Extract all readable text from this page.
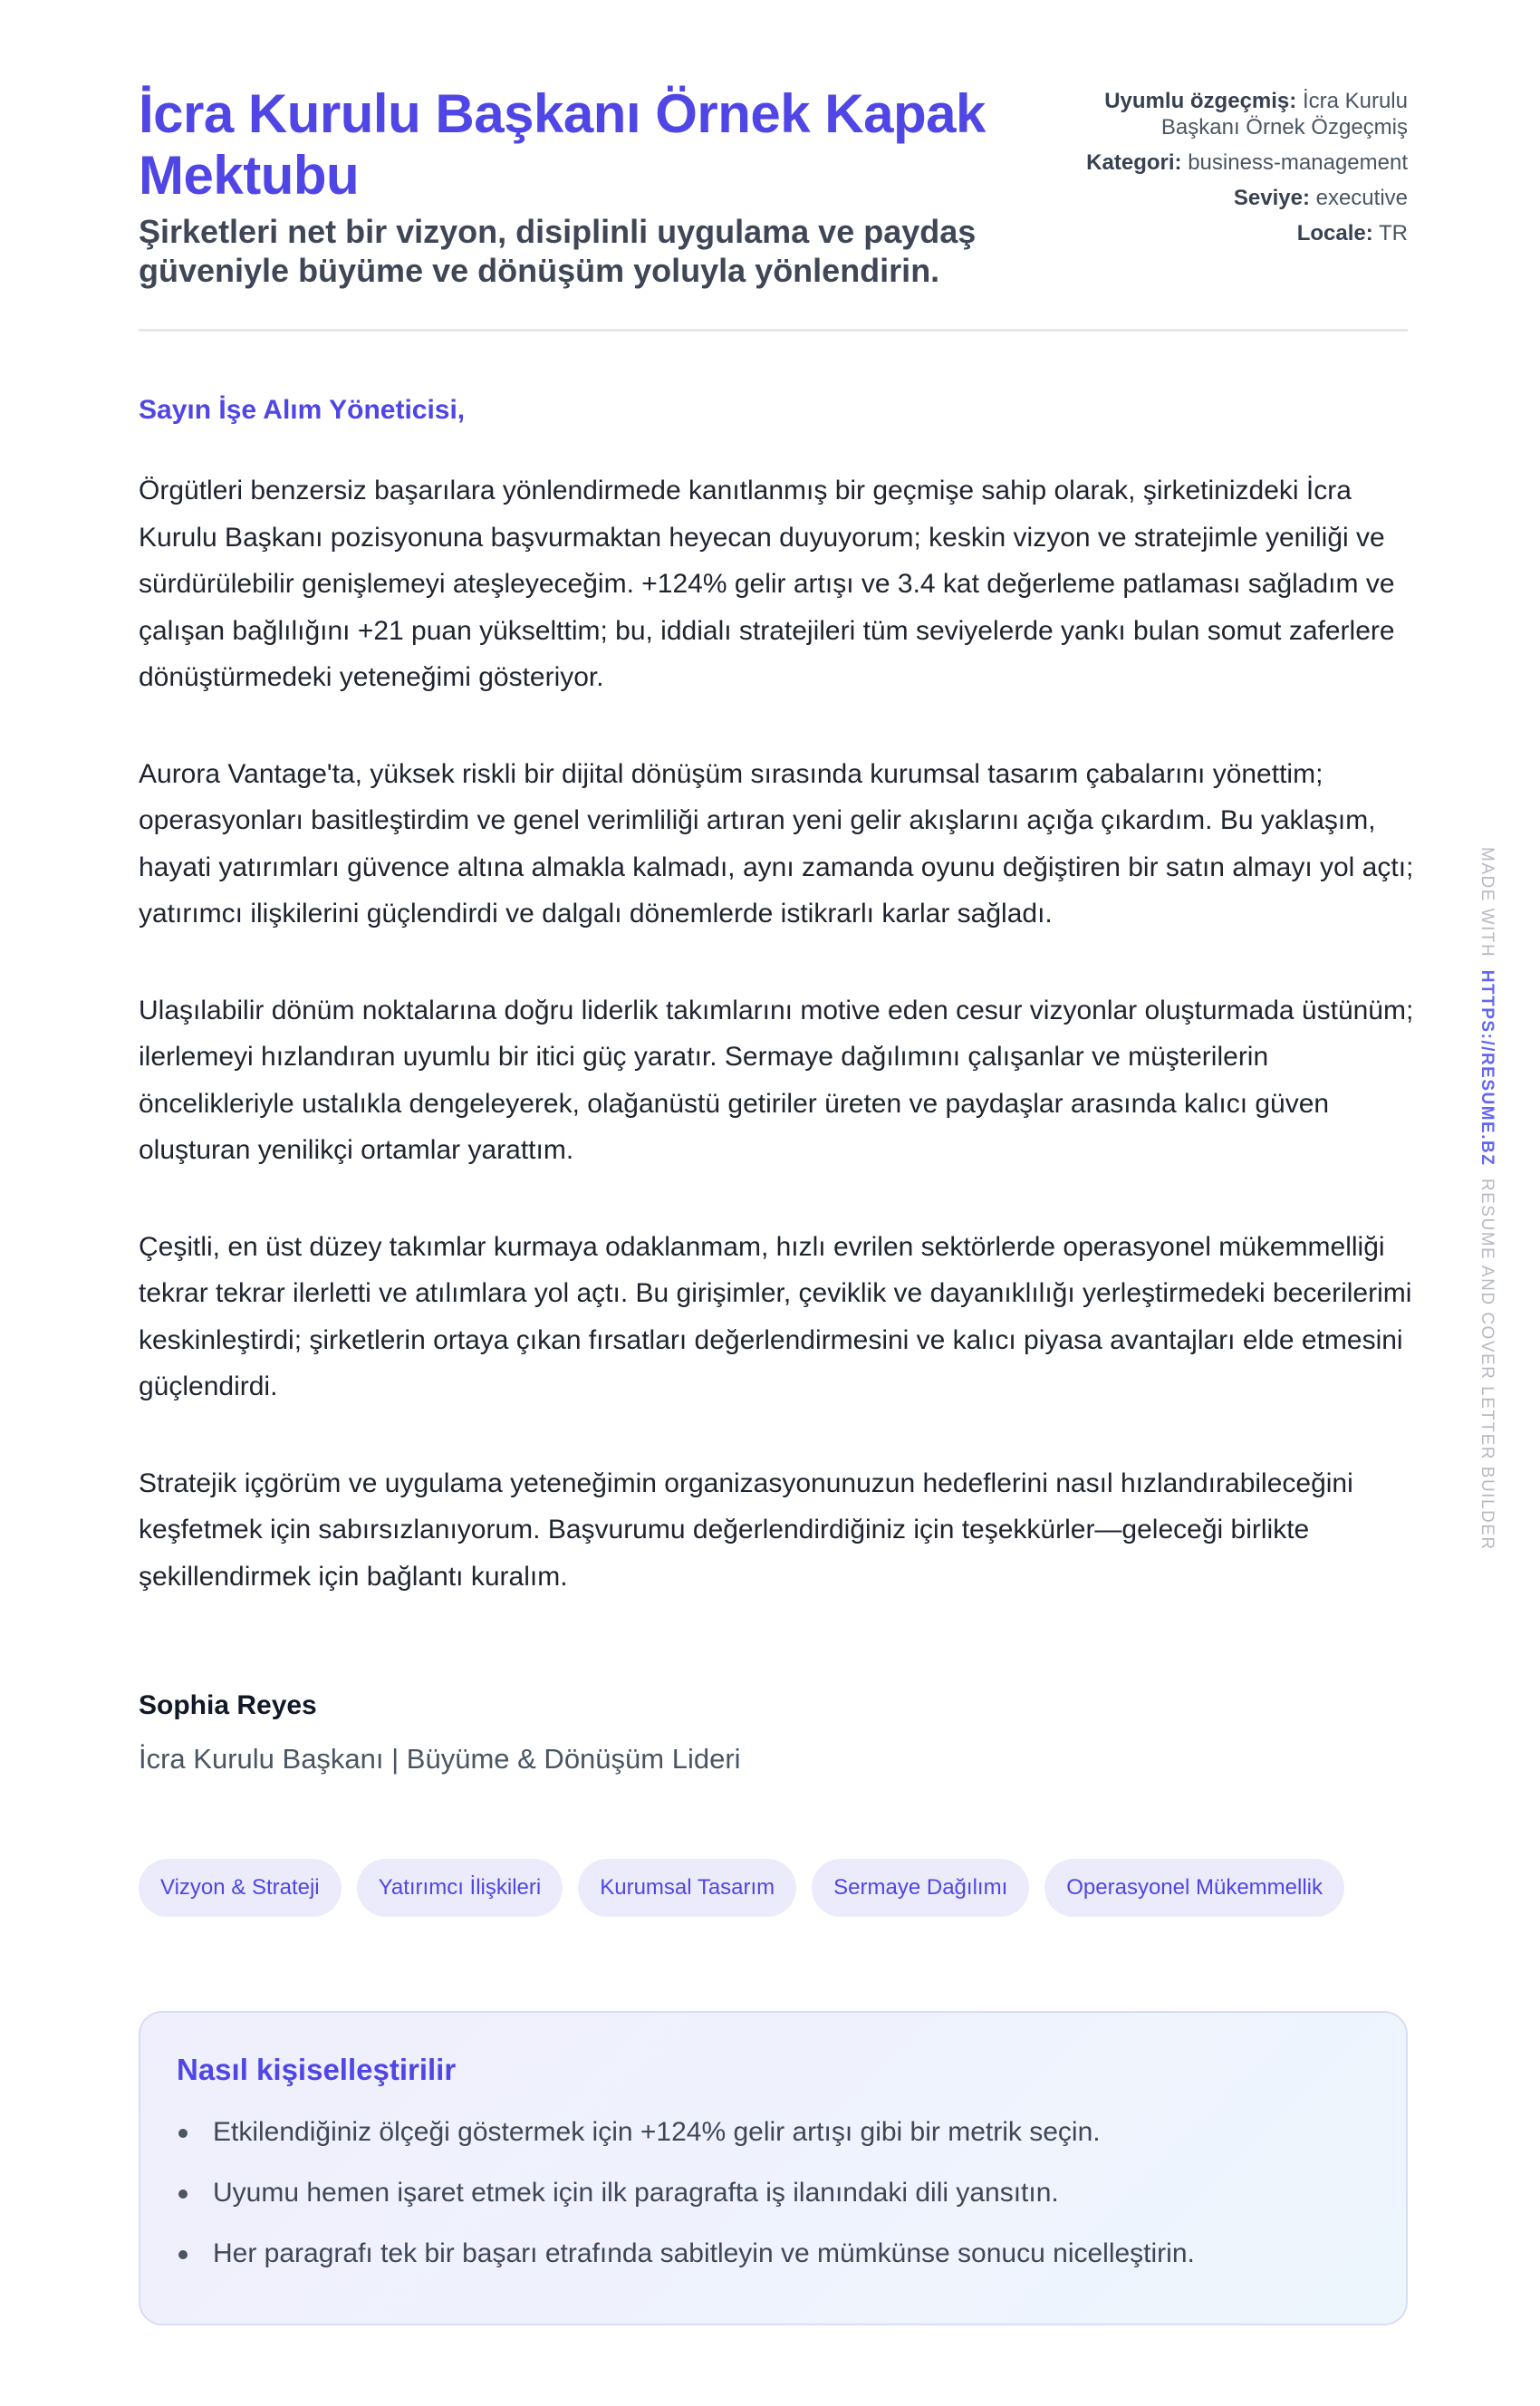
İcra Kurulu Başkanı Örnek Kapak Mektubu
Şirketleri net bir vizyon, disiplinli uygulama ve paydaş güveniyle büyüme ve dönüşüm yoluyla yönlendirin.
Uyumlu özgeçmiş: İcra Kurulu Başkanı Örnek Özgeçmiş
Kategori: business-management
Seviye: executive
Locale: TR
Sayın İşe Alım Yöneticisi,

Örgütleri benzersiz başarılara yönlendirmede kanıtlanmış bir geçmişe sahip olarak, şirketinizdeki İcra Kurulu Başkanı pozisyonuna başvurmaktan heyecan duyuyorum; keskin vizyon ve stratejimle yeniliği ve sürdürülebilir genişlemeyi ateşleyeceğim. +124% gelir artışı ve 3.4 kat değerleme patlaması sağladım ve çalışan bağlılığını +21 puan yükselttim; bu, iddialı stratejileri tüm seviyelerde yankı bulan somut zaferlere dönüştürmedeki yeteneğimi gösteriyor.

Aurora Vantage'ta, yüksek riskli bir dijital dönüşüm sırasında kurumsal tasarım çabalarını yönettim; operasyonları basitleştirdim ve genel verimliliği artıran yeni gelir akışlarını açığa çıkardım. Bu yaklaşım, hayati yatırımları güvence altına almakla kalmadı, aynı zamanda oyunu değiştiren bir satın almayı yol açtı; yatırımcı ilişkilerini güçlendirdi ve dalgalı dönemlerde istikrarlı karlar sağladı.

Ulaşılabilir dönüm noktalarına doğru liderlik takımlarını motive eden cesur vizyonlar oluşturmada üstünüm; ilerlemeyi hızlandıran uyumlu bir itici güç yaratır. Sermaye dağılımını çalışanlar ve müşterilerin öncelikleriyle ustalıkla dengeleyerek, olağanüstü getiriler üreten ve paydaşlar arasında kalıcı güven oluşturan yenilikçi ortamlar yarattım.

Çeşitli, en üst düzey takımlar kurmaya odaklanmam, hızlı evrilen sektörlerde operasyonel mükemmelliği tekrar tekrar ilerletti ve atılımlara yol açtı. Bu girişimler, çeviklik ve dayanıklılığı yerleştirmedeki becerilerimi keskinleştirdi; şirketlerin ortaya çıkan fırsatları değerlendirmesini ve kalıcı piyasa avantajları elde etmesini güçlendirdi.

Stratejik içgörüm ve uygulama yeteneğimin organizasyonunuzun hedeflerini nasıl hızlandırabileceğini keşfetmek için sabırsızlanıyorum. Başvurumu değerlendirdiğiniz için teşekkürler—geleceği birlikte şekillendirmek için bağlantı kuralım.

Sophia Reyes
İcra Kurulu Başkanı | Büyüme & Dönüşüm Lideri
Vizyon & Strateji	Yatırımcı İlişkileri	Kurumsal Tasarım	Sermaye Dağılımı	Operasyonel Mükemmellik
Nasıl kişiselleştirilir
Etkilendiğiniz ölçeği göstermek için +124% gelir artışı gibi bir metrik seçin.
Uyumu hemen işaret etmek için ilk paragrafta iş ilanındaki dili yansıtın.
Her paragrafı tek bir başarı etrafında sabitleyin ve mümkünse sonucu nicelleştirin.
MADE WITH  HTTPS://RESUME.BZ  RESUME AND COVER LETTER BUILDER
